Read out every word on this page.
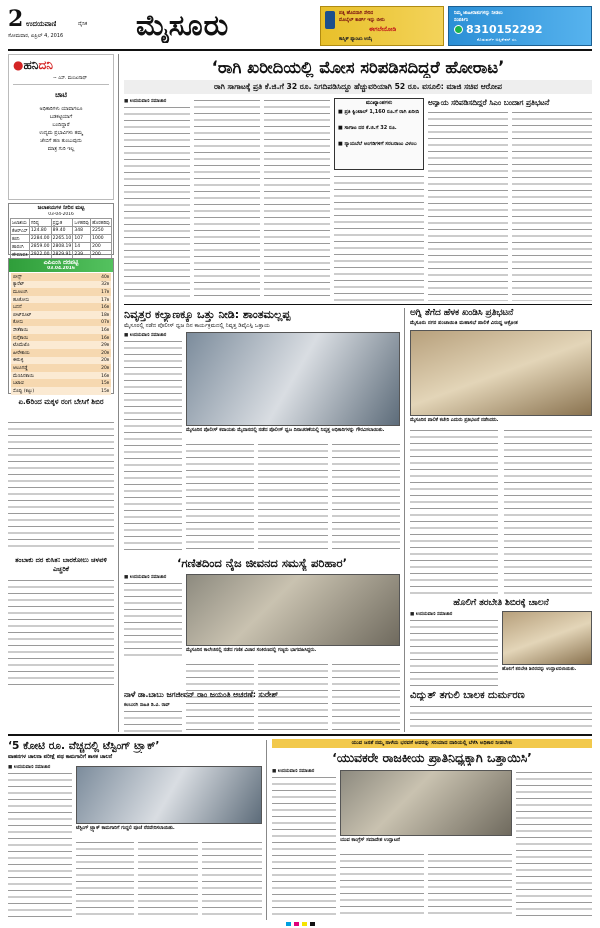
2 ಉದಯವಾಣಿ	ದೈನಿಕ
ಸೋಮವಾರ, ಏಪ್ರಿಲ್ 4, 2016	ಮೈಸೂರು	ಪತ್ನಿ ಹೊಸದಾಗಿ ಸೇರಿದ
ಮೊಬೈಲ್ ಕಾರ್ಡ್ ಇನ್ನು ಬೀರು
ಈಗಲೇನೋಡಿ
ಕಾಸ್ಮಿಕ್ ಫ್ಯಾಂಟಸಿ ಆಯ್ಕೆ
ನಿಮ್ಮ ಜಾಹೀರಾತುಗಳನ್ನು ನೀಡಲು
ಸಂಪರ್ಕಿಸಿ
8310152292
ಕೊಡುವರ್ಸ್ ಅಪ್ಲಿಕೇಶನ್ ಸಂ.
●ಹನಿದನಿ
~ ಎಸ್. ಮಂಜುನಾಥ್
ಚಾಟಿ
ಅಧಿಕಾರಿಗಳು ಯಾವಾಗಲೂ
ಬಡಕಟ್ಟಿಯಾಗೆ
ಬಂದಿದ್ದಾರೆ
ಉದ್ಯಮ ಪ್ರಭಾವಿಗಳು ತಮ್ಮ
ಜೇಬಿಗೆ ಹಣ ತುಂಬುವುದು
ಮಾತ್ರ ಗುರಿ ಇಲ್ಲ
ಜಲಾಶಯಗಳ ನೀರಿನ ಮಟ್ಟ
03-04-2016
ಜಲಾಶಯ	ಗರಿಷ್ಠ	ಪ್ರಸ್ತುತ	ಒಳಹರಿವು	ಹೊರಹರಿವು
ಕೆಆರ್‌ಎಸ್	124.80	89.40	348	2250
ಕಬಿನಿ	2284.00	2265.10	107	1000
ಹಾರಂಗಿ	2859.00	2808.19	14	200
ಹೇಮಾವತಿ	2922.00	2829.91	239	200
ಎಪಿಎಂಸಿ ದರಪಟ್ಟಿ
03.04.2016
ಬೀನ್ಸ್	40ಕಿ
ಕ್ಯಾರೆಟ್	32ಕಿ
ಮೂಲಂಗಿ	17ಕಿ
ಹೂಕೋಸು	17ಕಿ
ಬದನೆ	16ಕಿ
ಬೀಟ್‌ರೂಟ್	18ಕಿ
ಕೋಸು	07ಕಿ
ಸೌತೆಕಾಯಿ	16ಕಿ
ನುಗ್ಗೆಕಾಯಿ	16ಕಿ
ಟೊಮೆಟೊ	29ಕಿ
ಹೀರೇಕಾಯಿ	20ಕಿ
ಈರುಳ್ಳಿ	20ಕಿ
ಆಲೂಗಡ್ಡೆ	20ಕಿ
ಮೆಣಸಿನಕಾಯಿ	16ಕಿ
ಬಟಾಣಿ	15ಕಿ
ಸೊಪ್ಪು (ಕಟ್ಟು)	15ಕಿ
ಏ.6ರಿಂದ ಮಕ್ಕಳ ರಂಗ ಬೇಸಿಗೆ ಶಿಬಿರ
ತಂಬಾಕು ದರ ಕುಸಿತ: ಬಾರಕೋಲು ಚಳವಳಿ ಎಚ್ಚರಿಕೆ
‘ರಾಗಿ ಖರೀದಿಯಲ್ಲಿ ಮೋಸ ಸರಿಪಡಿಸದಿದ್ದರೆ ಹೋರಾಟ’
ರಾಗಿ ಸಾಗಾಟಕ್ಕೆ ಪ್ರತಿ ಕೆ.ಜಿ.ಗೆ 32 ರೂ. ನಿಗದಿಪಡಿಸಿದ್ದೂ ಹೆಚ್ಚುವರಿಯಾಗಿ 52 ರೂ. ವಸೂಲಿ: ಮಾಜಿ ಸಚಿವ ಆರೋಪ
■ ಉದಯವಾಣಿ ಸಮಾಚಾರ	ಮುಖ್ಯಾಂಶಗಳು
■ ಪ್ರತಿ ಕ್ವಿಂಟಾಲ್ 1,160 ರೂ.ಗೆ ರಾಗಿ ಖರೀದಿ
■ ಸಾಗಾಟ ದರ ಕೆ.ಜಿ.ಗೆ 32 ರೂ.
■ ನ್ಯಾಯಬೆಲೆ ಅಂಗಡಿಗಳಿಗೆ ಸರಬರಾಜು ವಿಳಂಬ
ಅನ್ಯಾಯ ಸರಿಪಡಿಸದಿದ್ದರೆ ಸಿಎಂ ಬಂದಾಗ ಪ್ರತಿಭಟನೆ
ನಿವೃತ್ತರ ಕಲ್ಯಾಣಕ್ಕೂ ಒತ್ತು ನೀಡಿ: ಶಾಂತಮಲ್ಲಪ್ಪ
ಮೈಸೂರಲ್ಲಿ ನಡೆದ ಪೊಲೀಸ್ ಧ್ವಜ ದಿನ ಕಾರ್ಯಕ್ರಮದಲ್ಲಿ ನಿವೃತ್ತ ಡಿವೈಎಸ್ಪಿ ಒತ್ತಾಯ
■ ಉದಯವಾಣಿ ಸಮಾಚಾರ
ಮೈಸೂರಿನ ಪೊಲೀಸ್ ಕವಾಯತು ಮೈದಾನದಲ್ಲಿ ನಡೆದ ಪೊಲೀಸ್ ಧ್ವಜ ದಿನಾಚರಣೆಯಲ್ಲಿ ನಿವೃತ್ತ ಅಧಿಕಾರಿಗಳನ್ನು ಗೌರವಿಸಲಾಯಿತು.
ಅಗ್ನಿ ತೆಗೆದ ಹೆಳಕ ಖಂಡಿಸಿ ಪ್ರತಿಭಟನೆ
ಮೈಸೂರು ನಗರ ಪಂಚಾಯಿತಿ ಮಹಾಸಭೆ ಪಾಲಿಕೆ ವಿರುದ್ಧ ಆಕ್ರೋಶ
ಮೈಸೂರಿನ ಪಾಲಿಕೆ ಕಚೇರಿ ಎದುರು ಪ್ರತಿಭಟನೆ ನಡೆಸಿದರು.
‘ಗಣಿತದಿಂದ ನೈಜ ಜೀವನದ ಸಮಸ್ಯೆ ಪರಿಹಾರ’
■ ಉದಯವಾಣಿ ಸಮಾಚಾರ
ಮೈಸೂರಿನ ಕಾಲೇಜಿನಲ್ಲಿ ನಡೆದ ಗಣಿತ ವಿಚಾರ ಸಂಕಿರಣದಲ್ಲಿ ಗಣ್ಯರು ಭಾಗವಹಿಸಿದ್ದರು.
ಹೊಲಿಗೆ ತರಬೇತಿ ಶಿಬಿರಕ್ಕೆ ಚಾಲನೆ
■ ಉದಯವಾಣಿ ಸಮಾಚಾರ
ಹೊಲಿಗೆ ತರಬೇತಿ ಶಿಬಿರವನ್ನು ಉದ್ಘಾಟಿಸಲಾಯಿತು.
ವಿದ್ಯುತ್ ತಗುಲಿ ಬಾಲಕ ದುರ್ಮರಣ
ನಾಳೆ ಡಾ.ಬಾಬು ಜಗಜೀವನ್ ರಾಂ ಜಯಂತಿ ಆಚರಣೆ: ಸುರೇಶ್
ಕಲಬುರಗಿ ಸಾಹಿತಿ ಡಿ.ವಿ. ರಾವ್
‘5 ಕೋಟಿ ರೂ. ವೆಚ್ಚದಲ್ಲಿ ಟೆಸ್ಟಿಂಗ್ ಟ್ರ್ಯಾಕ್’
ವಾಹನಗಳ ಚಾಲನಾ ಪರೀಕ್ಷೆ ಪಥ ಕಾಮಗಾರಿಗೆ ಶಾಸಕ ಚಾಲನೆ
■ ಉದಯವಾಣಿ ಸಮಾಚಾರ
ಟೆಸ್ಟಿಂಗ್ ಟ್ರ್ಯಾಕ್ ಕಾಮಗಾರಿಗೆ ಗುದ್ದಲಿ ಪೂಜೆ ನೆರವೇರಿಸಲಾಯಿತು.
ಯುವ ಜನತೆ ನಮ್ಮ ನಾಳೆಯ ಭರವಸೆ ಅವರನ್ನು ಸರಿಯಾದ ದಾರಿಯಲ್ಲಿ ಬೆಳೆಸಿ ಅಧಿಕಾರ ನೀಡಬೇಕು
‘ಯುವಕರೇ ರಾಜಕೀಯ ಪ್ರಾತಿನಿಧ್ಯಕ್ಕಾಗಿ ಒತ್ತಾಯಿಸಿ’
■ ಉದಯವಾಣಿ ಸಮಾಚಾರ
ಯುವ ಕಾಂಗ್ರೆಸ್ ಸಮಾವೇಶ ಉದ್ಘಾಟನೆ
